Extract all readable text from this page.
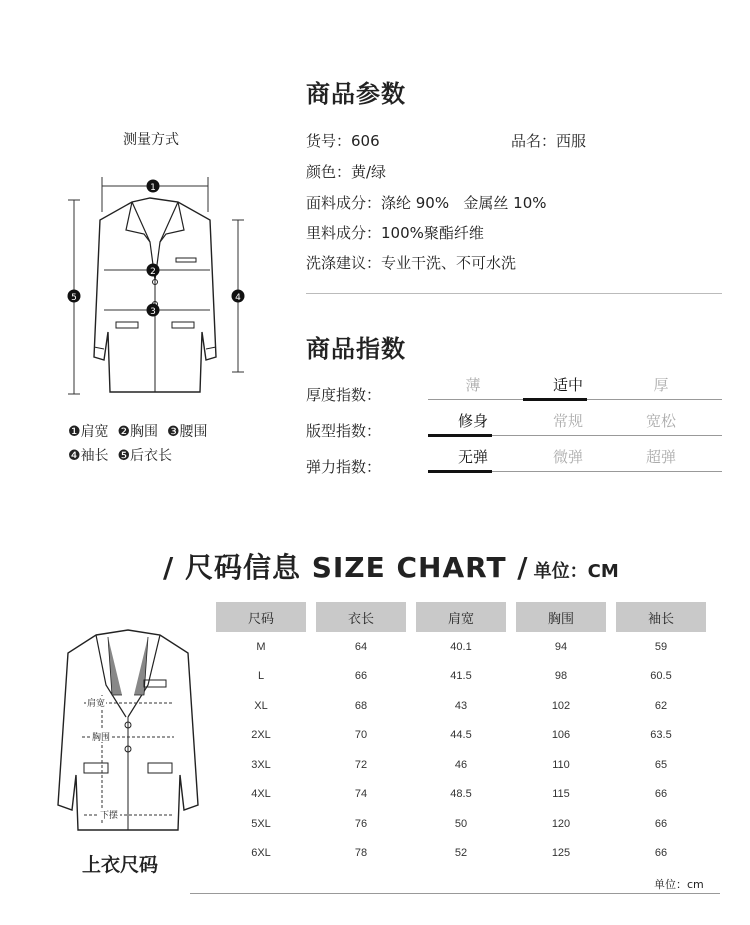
测量方式
1
2
3
4
5
❶肩宽 ❷胸围 ❸腰围
❹袖长 ❺后衣长
商品参数
货号：606	品名：西服
颜色：黄/绿
面料成分：涤纶 90%   金属丝 10%
里料成分：100%聚酯纤维
洗涤建议：专业干洗、不可水洗
商品指数
厚度指数：
薄	适中	厚
版型指数：
修身	常规	宽松
弹力指数：
无弹	微弹	超弹
/ 尺码信息 SIZE CHART / 单位：CM
肩宽
胸围
下摆
上衣尺码
尺码		衣长		肩宽		胸围		袖长
M		64		40.1		94		59
L		66		41.5		98		60.5
XL		68		43		102		62
2XL		70		44.5		106		63.5
3XL		72		46		110		65
4XL		74		48.5		115		66
5XL		76		50		120		66
6XL		78		52		125		66
单位：cm
